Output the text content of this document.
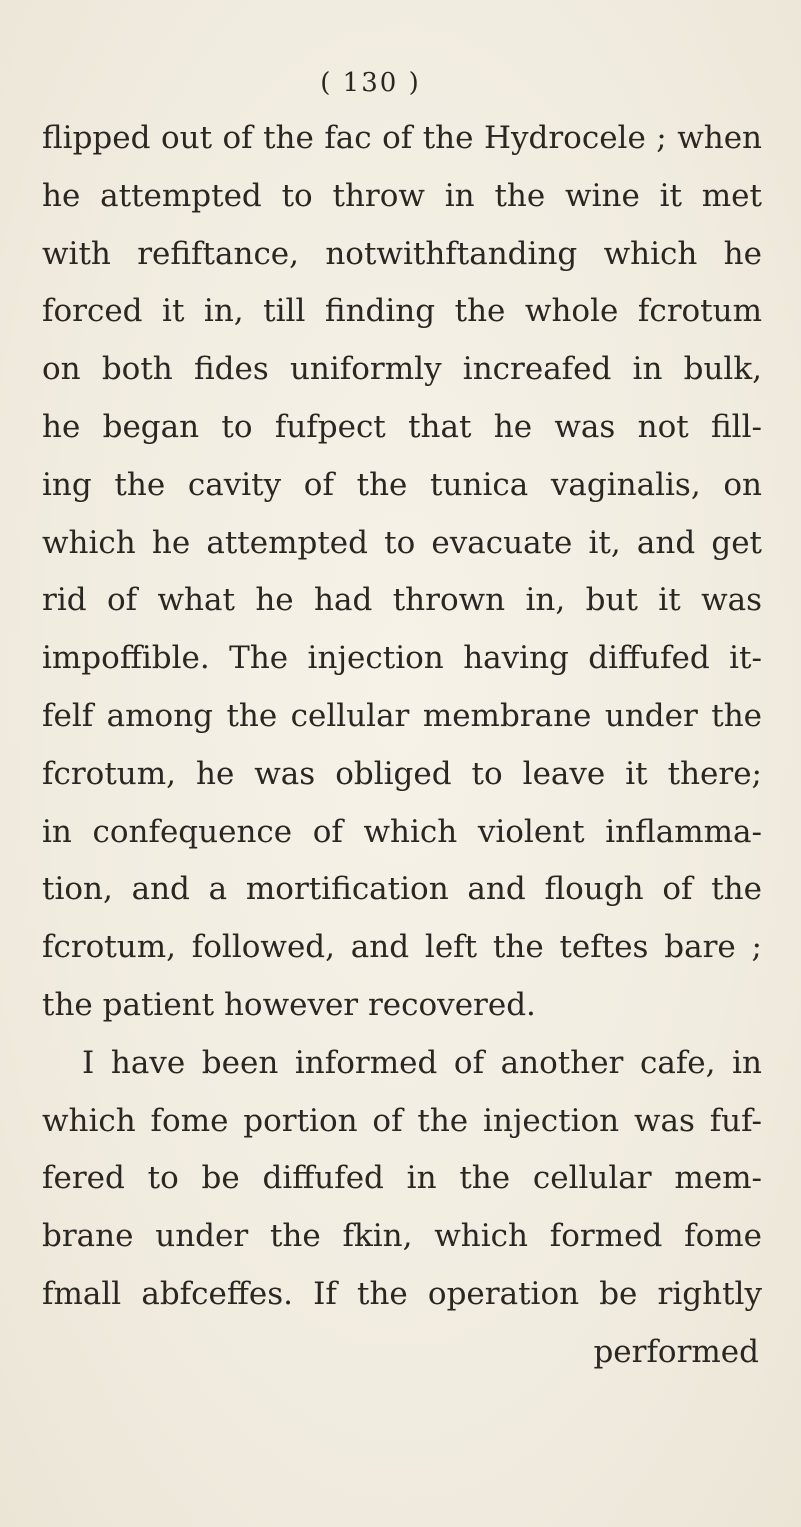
( 130 )
flipped out of the fac of the Hydrocele ; when
he attempted to throw in the wine it met
with refiftance, notwithftanding which he
forced it in, till finding the whole fcrotum
on both fides uniformly increafed in bulk,
he began to fufpect that he was not fill-
ing the cavity of the tunica vaginalis, on
which he attempted to evacuate it, and get
rid of what he had thrown in, but it was
impoffible. The injection having diffufed it-
felf among the cellular membrane under the
fcrotum, he was obliged to leave it there;
in confequence of which violent inflamma-
tion, and a mortification and flough of the
fcrotum, followed, and left the teftes bare ;
the patient however recovered.
I have been informed of another cafe, in
which fome portion of the injection was fuf-
fered to be diffufed in the cellular mem-
brane under the fkin, which formed fome
fmall abfceffes. If the operation be rightly
performed
